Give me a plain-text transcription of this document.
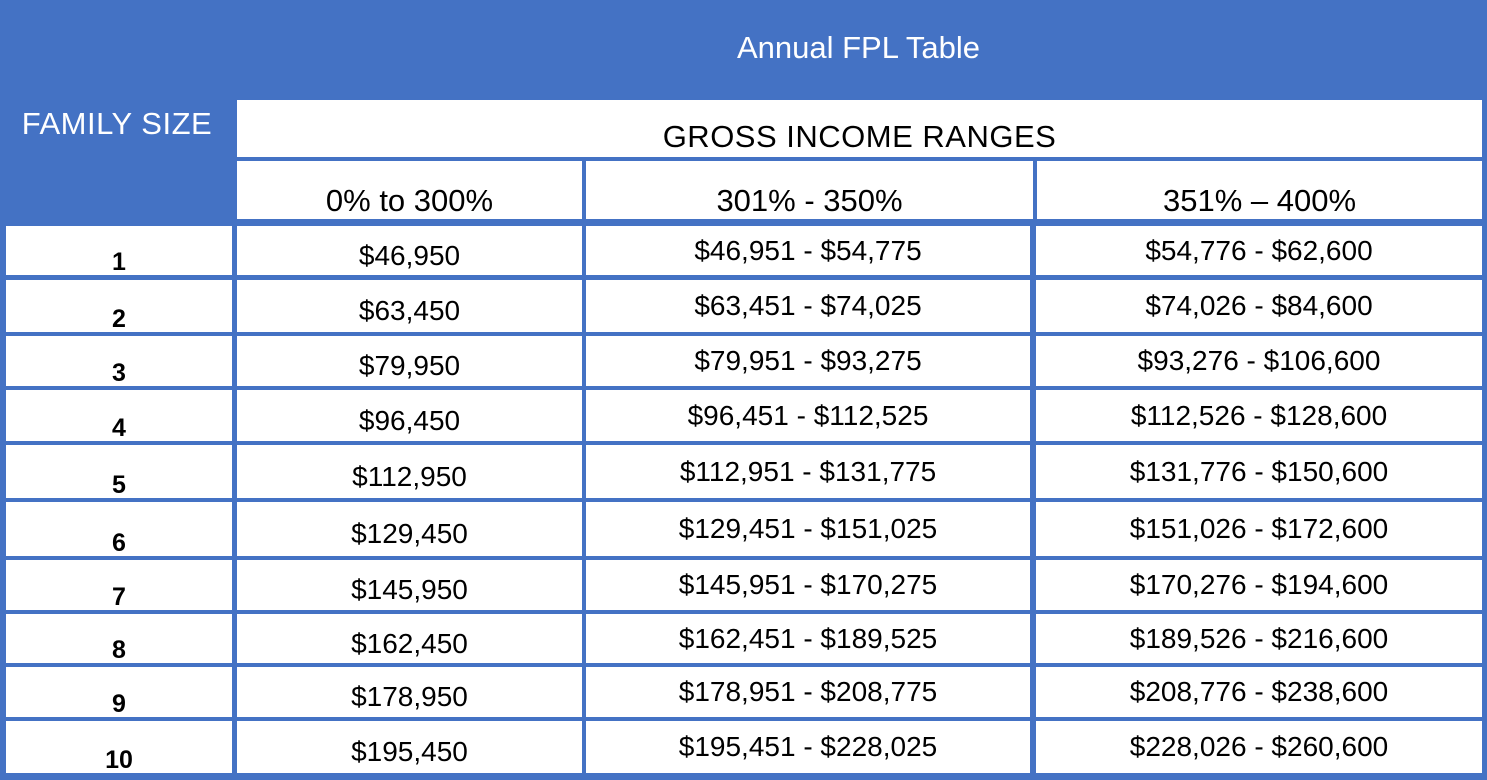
Annual FPL Table
FAMILY SIZE	GROSS INCOME RANGES
0% to 300%	301% - 350%	351% – 400%
1	$46,950	$46,951 - $54,775	$54,776 - $62,600
2	$63,450	$63,451 - $74,025	$74,026 - $84,600
3	$79,950	$79,951 - $93,275	$93,276 - $106,600
4	$96,450	$96,451 - $112,525	$112,526 - $128,600
5	$112,950	$112,951 - $131,775	$131,776 - $150,600
6	$129,450	$129,451 - $151,025	$151,026 - $172,600
7	$145,950	$145,951 - $170,275	$170,276 - $194,600
8	$162,450	$162,451 - $189,525	$189,526 - $216,600
9	$178,950	$178,951 - $208,775	$208,776 - $238,600
10	$195,450	$195,451 - $228,025	$228,026 - $260,600
